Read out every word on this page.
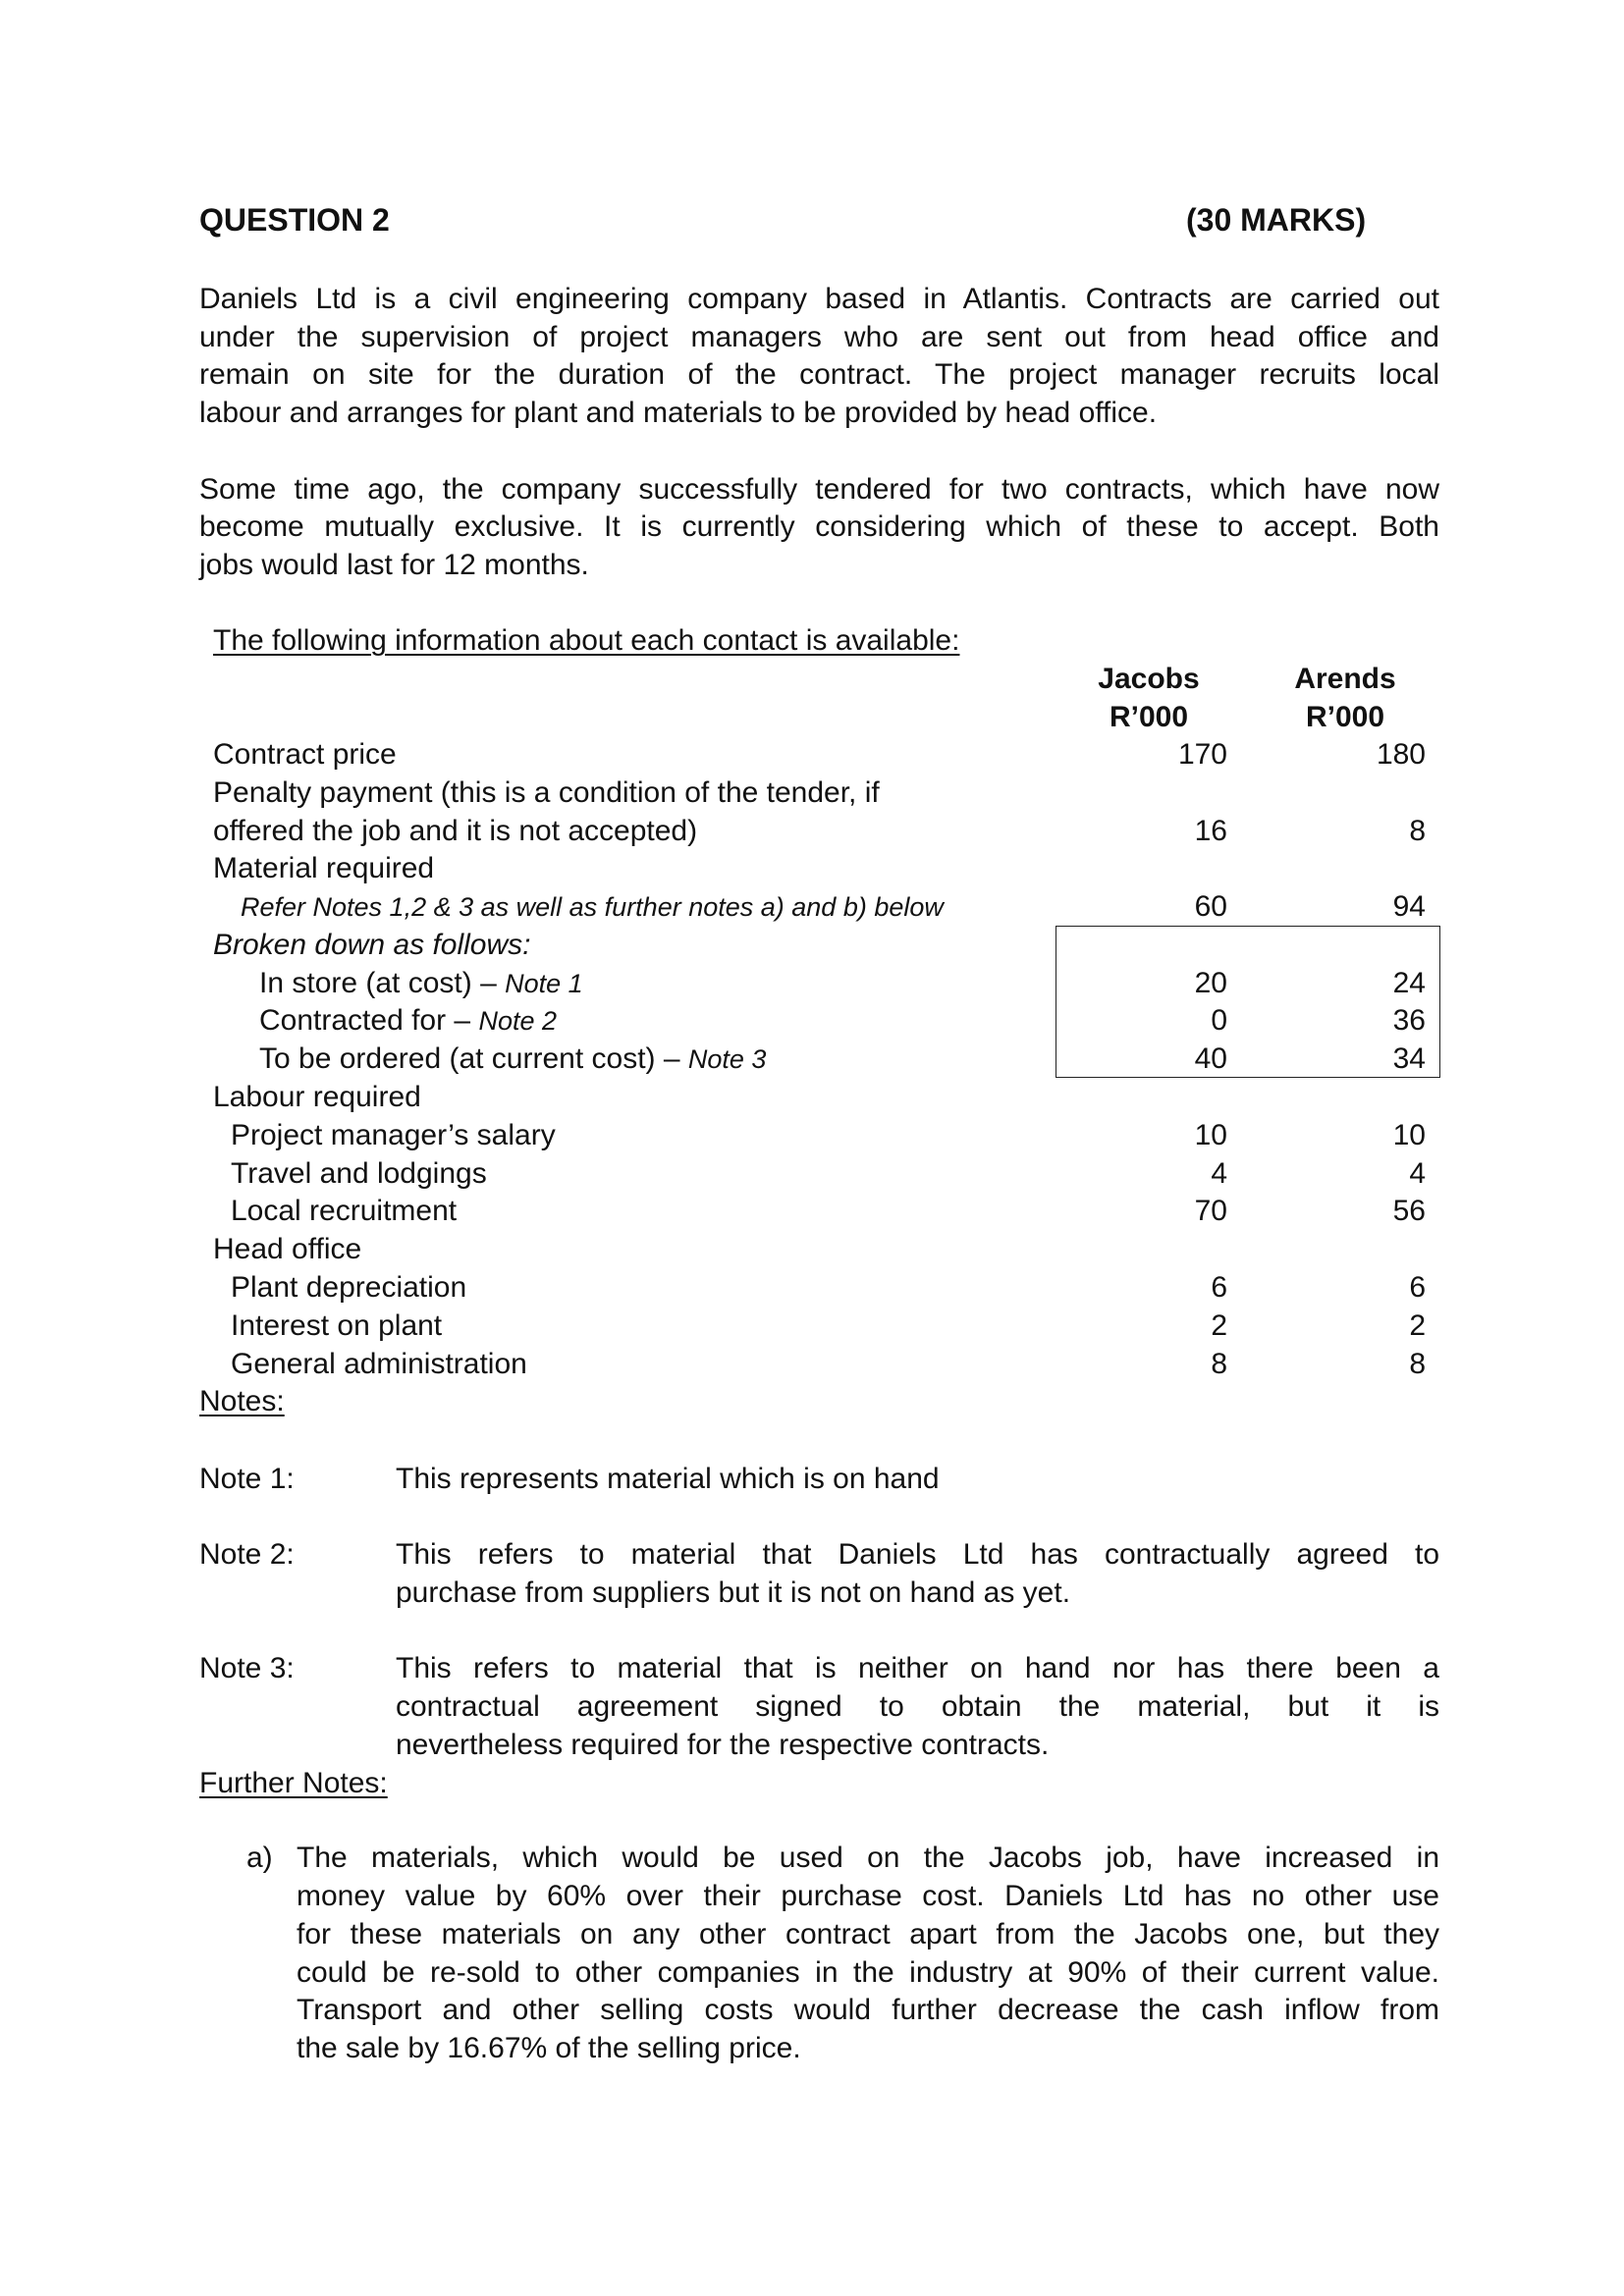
QUESTION 2	(30 MARKS)
Daniels Ltd is a civil engineering company based in Atlantis. Contracts are carried out
under the supervision of project managers who are sent out from head office and
remain on site for the duration of the contract. The project manager recruits local
labour and arranges for plant and materials to be provided by head office.
Some time ago, the company successfully tendered for two contracts, which have now
become mutually exclusive. It is currently considering which of these to accept. Both
jobs would last for 12 months.
The following information about each contact is available:
Jacobs	Arends
R’000	R’000
Contract price	170	180
Penalty payment (this is a condition of the tender, if
offered the job and it is not accepted)	16	8
Material required
Refer Notes 1,2 & 3 as well as further notes a) and b) below	60	94
Broken down as follows:
In store (at cost) – Note 1	20	24
Contracted for – Note 2	0	36
To be ordered (at current cost) – Note 3	40	34
Labour required
Project manager’s salary	10	10
Travel and lodgings	4	4
Local recruitment	70	56
Head office
Plant depreciation	6	6
Interest on plant	2	2
General administration	8	8
Notes:
Note 1:	This represents material which is on hand
Note 2:	This refers to material that Daniels Ltd has contractually agreed to
purchase from suppliers but it is not on hand as yet.
Note 3:	This refers to material that is neither on hand nor has there been a
contractual agreement signed to obtain the material, but it is
nevertheless required for the respective contracts.
Further Notes:
a) The materials, which would be used on the Jacobs job, have increased in
money value by 60% over their purchase cost. Daniels Ltd has no other use
for these materials on any other contract apart from the Jacobs one, but they
could be re-sold to other companies in the industry at 90% of their current value.
Transport and other selling costs would further decrease the cash inflow from
the sale by 16.67% of the selling price.
